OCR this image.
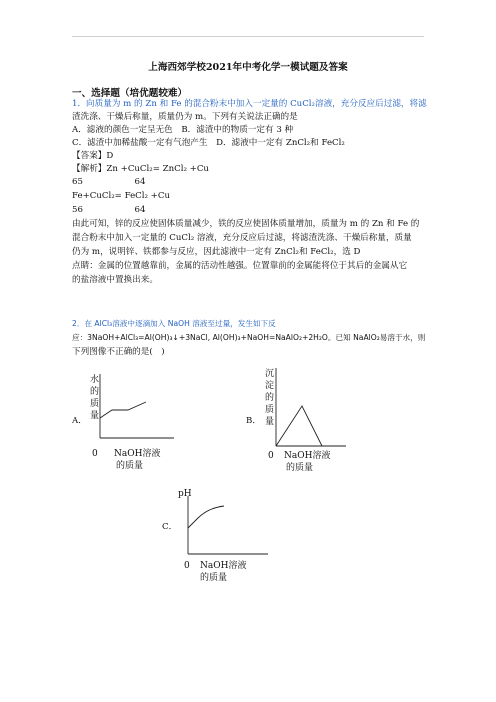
上海西郊学校2021年中考化学一模试题及答案
一、选择题（培优题较难）
1．向质量为 m 的 Zn 和 Fe 的混合粉末中加入一定量的 CuCl₂溶液，充分反应后过滤，将滤
渣洗涤、干燥后称量，质量仍为 m。下列有关说法正确的是
A．滤液的颜色一定呈无色　B．滤渣中的物质一定有 3 种
C．滤渣中加稀盐酸一定有气泡产生　D．滤液中一定有 ZnCl₂和 FeCl₂
【答案】D
【解析】Zn +CuCl₂= ZnCl₂ +Cu
65　　　　　　64
Fe+CuCl₂= FeCl₂ +Cu
56　　　　　　64
由此可知，锌的反应使固体质量减少，铁的反应使固体质量增加，质量为 m 的 Zn 和 Fe 的
混合粉末中加入一定量的 CuCl₂ 溶液，充分反应后过滤，将滤渣洗涤、干燥后称量，质量
仍为 m，说明锌、铁都参与反应，因此滤液中一定有 ZnCl₂和 FeCl₂，选 D
点睛：金属的位置越靠前，金属的活动性越强。位置靠前的金属能将位于其后的金属从它
的盐溶液中置换出来。
2．在 AlCl₃溶液中逐滴加入 NaOH 溶液至过量，发生如下反
应：3NaOH+AlCl₃=Al(OH)₃↓+3NaCl, Al(OH)₃+NaOH=NaAlO₂+2H₂O。已知 NaAlO₂易溶于水，则
下列图像不正确的是(　)
A．
水
的
质
量
0 NaOH溶液
的质量
B．
沉
淀
的
质
量
0 NaOH溶液
的质量
C．
pH
0 NaOH溶液
的质量
